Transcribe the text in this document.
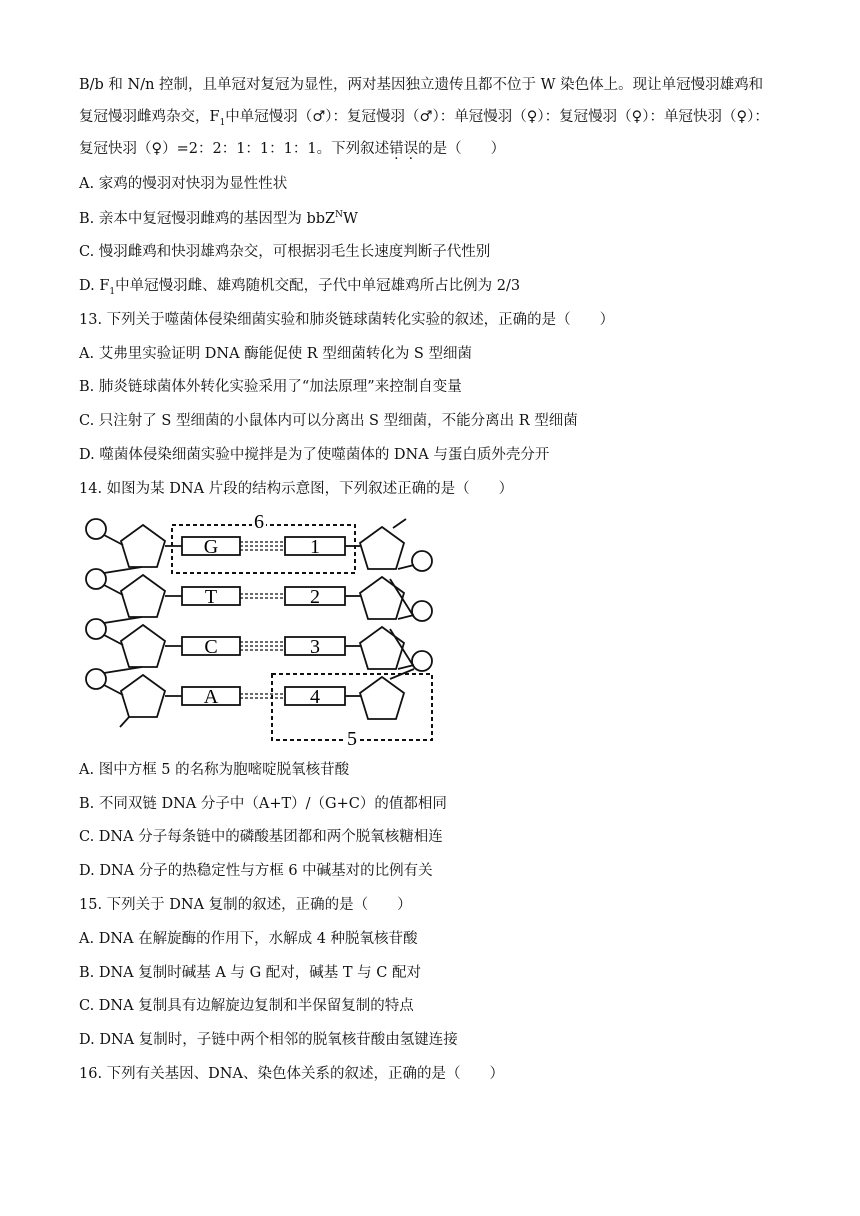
B/b 和 N/n 控制，且单冠对复冠为显性，两对基因独立遗传且都不位于 W 染色体上。现让单冠慢羽雄鸡和
复冠慢羽雌鸡杂交，$F_1$中单冠慢羽（♂）：复冠慢羽（♂）：单冠慢羽（♀）：复冠慢羽（♀）：单冠快羽（♀）：
复冠快羽（♀）=2：2：1：1：1：1。下列叙述错误的是（　　）
A. 家鸡的慢羽对快羽为显性性状
B. 亲本中复冠慢羽雌鸡的基因型为 bbZ$^N$W
C. 慢羽雌鸡和快羽雄鸡杂交，可根据羽毛生长速度判断子代性别
D. $F_1$中单冠慢羽雌、雄鸡随机交配，子代中单冠雄鸡所占比例为 2/3
13. 下列关于噬菌体侵染细菌实验和肺炎链球菌转化实验的叙述，正确的是（　　）
A. 艾弗里实验证明 DNA 酶能促使 R 型细菌转化为 S 型细菌
B. 肺炎链球菌体外转化实验采用了“加法原理”来控制自变量
C. 只注射了 S 型细菌的小鼠体内可以分离出 S 型细菌，不能分离出 R 型细菌
D. 噬菌体侵染细菌实验中搅拌是为了使噬菌体的 DNA 与蛋白质外壳分开
14. 如图为某 DNA 片段的结构示意图，下列叙述正确的是（　　）
6
5
G
T
C
A
1
2
3
4
A. 图中方框 5 的名称为胞嘧啶脱氧核苷酸
B. 不同双链 DNA 分子中（A+T）/（G+C）的值都相同
C. DNA 分子每条链中的磷酸基团都和两个脱氧核糖相连
D. DNA 分子的热稳定性与方框 6 中碱基对的比例有关
15. 下列关于 DNA 复制的叙述，正确的是（　　）
A. DNA 在解旋酶的作用下，水解成 4 种脱氧核苷酸
B. DNA 复制时碱基 A 与 G 配对，碱基 T 与 C 配对
C. DNA 复制具有边解旋边复制和半保留复制的特点
D. DNA 复制时，子链中两个相邻的脱氧核苷酸由氢键连接
16. 下列有关基因、DNA、染色体关系的叙述，正确的是（　　）
